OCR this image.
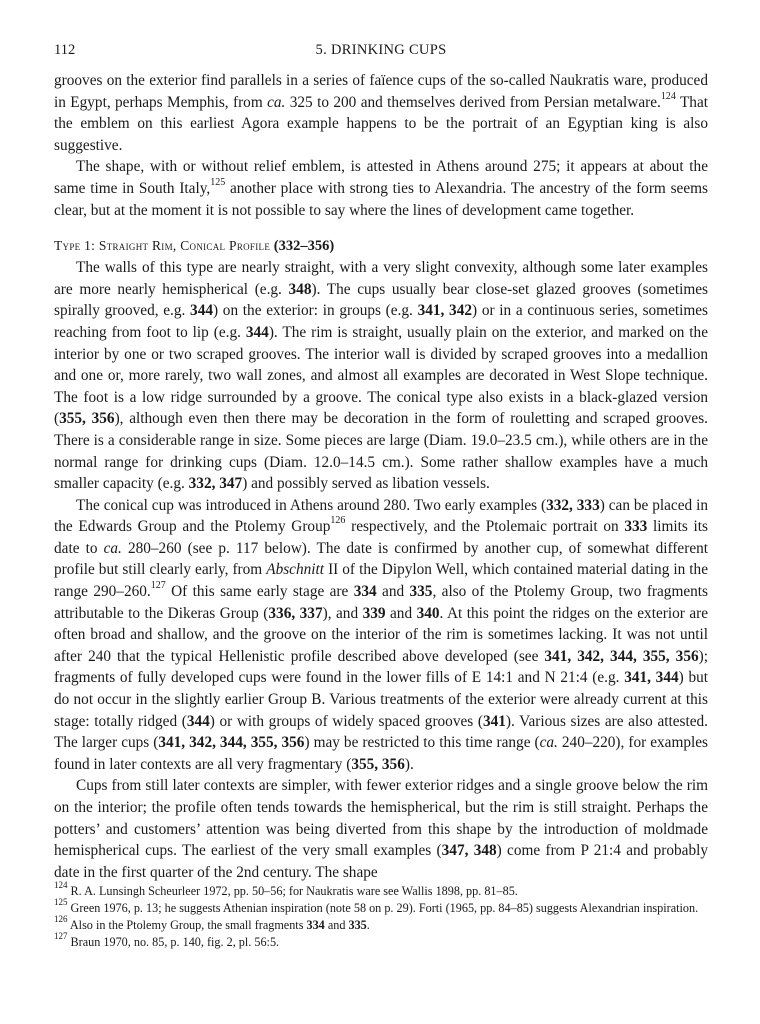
112	5. DRINKING CUPS

grooves on the exterior find parallels in a series of faïence cups of the so-called Naukratis ware, produced in Egypt, perhaps Memphis, from ca. 325 to 200 and themselves derived from Persian metalware.$^{124}$ That the emblem on this earliest Agora example happens to be the portrait of an Egyptian king is also suggestive.

The shape, with or without relief emblem, is attested in Athens around 275; it appears at about the same time in South Italy,$^{125}$ another place with strong ties to Alexandria. The ancestry of the form seems clear, but at the moment it is not possible to say where the lines of development came together.

Type 1: Straight Rim, Conical Profile (332–356)

The walls of this type are nearly straight, with a very slight convexity, although some later examples are more nearly hemispherical (e.g. 348). The cups usually bear close-set glazed grooves (sometimes spirally grooved, e.g. 344) on the exterior: in groups (e.g. 341, 342) or in a continuous series, sometimes reaching from foot to lip (e.g. 344). The rim is straight, usually plain on the exterior, and marked on the interior by one or two scraped grooves. The interior wall is divided by scraped grooves into a medallion and one or, more rarely, two wall zones, and almost all examples are decorated in West Slope technique. The foot is a low ridge surrounded by a groove. The conical type also exists in a black-glazed version (355, 356), although even then there may be decoration in the form of rouletting and scraped grooves. There is a considerable range in size. Some pieces are large (Diam. 19.0–23.5 cm.), while others are in the normal range for drinking cups (Diam. 12.0–14.5 cm.). Some rather shallow examples have a much smaller capacity (e.g. 332, 347) and possibly served as libation vessels.

The conical cup was introduced in Athens around 280. Two early examples (332, 333) can be placed in the Edwards Group and the Ptolemy Group$^{126}$ respectively, and the Ptolemaic portrait on 333 limits its date to ca. 280–260 (see p. 117 below). The date is confirmed by another cup, of somewhat different profile but still clearly early, from Abschnitt II of the Dipylon Well, which contained material dating in the range 290–260.$^{127}$ Of this same early stage are 334 and 335, also of the Ptolemy Group, two fragments attributable to the Dikeras Group (336, 337), and 339 and 340. At this point the ridges on the exterior are often broad and shallow, and the groove on the interior of the rim is sometimes lacking. It was not until after 240 that the typical Hellenistic profile described above developed (see 341, 342, 344, 355, 356); fragments of fully developed cups were found in the lower fills of E 14:1 and N 21:4 (e.g. 341, 344) but do not occur in the slightly earlier Group B. Various treatments of the exterior were already current at this stage: totally ridged (344) or with groups of widely spaced grooves (341). Various sizes are also attested. The larger cups (341, 342, 344, 355, 356) may be restricted to this time range (ca. 240–220), for examples found in later contexts are all very fragmentary (355, 356).

Cups from still later contexts are simpler, with fewer exterior ridges and a single groove below the rim on the interior; the profile often tends towards the hemispherical, but the rim is still straight. Perhaps the potters’ and customers’ attention was being diverted from this shape by the introduction of moldmade hemispherical cups. The earliest of the very small examples (347, 348) come from P 21:4 and probably date in the first quarter of the 2nd century. The shape

$^{124}$ R. A. Lunsingh Scheurleer 1972, pp. 50–56; for Naukratis ware see Wallis 1898, pp. 81–85.

$^{125}$ Green 1976, p. 13; he suggests Athenian inspiration (note 58 on p. 29). Forti (1965, pp. 84–85) suggests Alexandrian inspiration.

$^{126}$ Also in the Ptolemy Group, the small fragments 334 and 335.

$^{127}$ Braun 1970, no. 85, p. 140, fig. 2, pl. 56:5.
